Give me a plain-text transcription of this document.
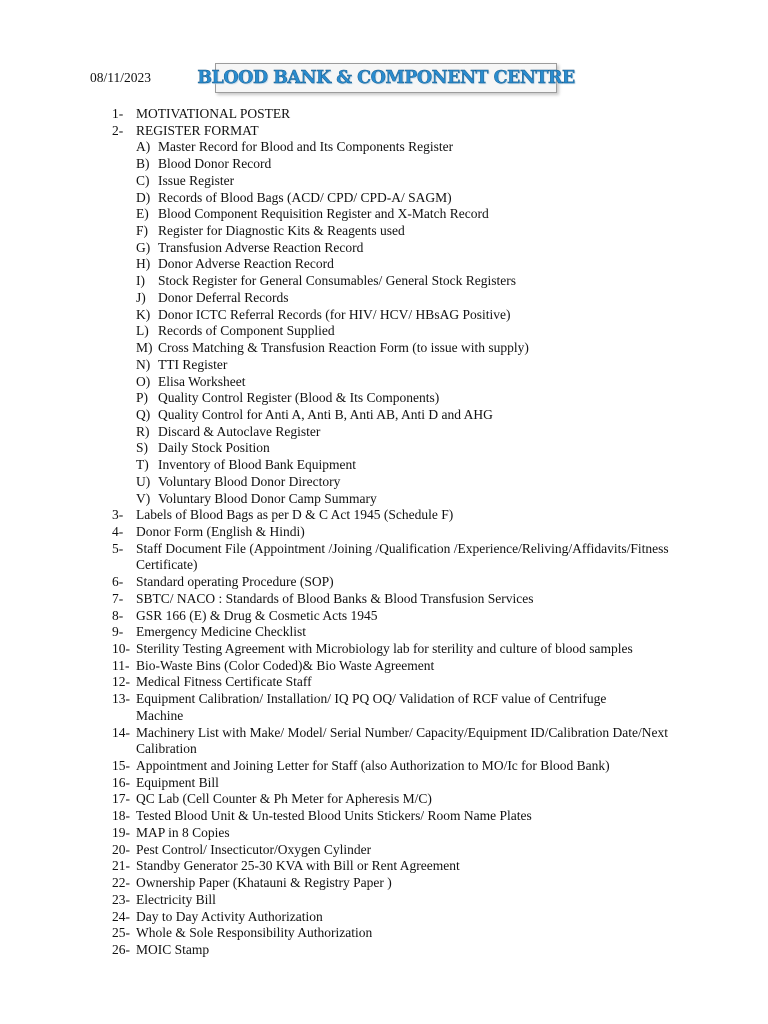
08/11/2023	BLOOD BANK & COMPONENT CENTRE
1- MOTIVATIONAL POSTER
2- REGISTER FORMAT
A) Master Record for Blood and Its Components Register
B) Blood Donor Record
C) Issue Register
D) Records of Blood Bags (ACD/ CPD/ CPD-A/ SAGM)
E) Blood Component Requisition Register and X-Match Record
F) Register for Diagnostic Kits & Reagents used
G) Transfusion Adverse Reaction Record
H) Donor Adverse Reaction Record
I) Stock Register for General Consumables/ General Stock Registers
J) Donor Deferral Records
K) Donor ICTC Referral Records (for HIV/ HCV/ HBsAG Positive)
L) Records of Component Supplied
M) Cross Matching & Transfusion Reaction Form (to issue with supply)
N) TTI Register
O) Elisa Worksheet
P) Quality Control Register (Blood & Its Components)
Q) Quality Control for Anti A, Anti B, Anti AB, Anti D and AHG
R) Discard & Autoclave Register
S) Daily Stock Position
T) Inventory of Blood Bank Equipment
U) Voluntary Blood Donor Directory
V) Voluntary Blood Donor Camp Summary
3- Labels of Blood Bags as per D & C Act 1945 (Schedule F)
4- Donor Form (English & Hindi)
5- Staff Document File (Appointment /Joining /Qualification /Experience/Reliving/Affidavits/Fitness
Certificate)
6- Standard operating Procedure (SOP)
7- SBTC/ NACO : Standards of Blood Banks & Blood Transfusion Services
8- GSR 166 (E) & Drug & Cosmetic Acts 1945
9- Emergency Medicine Checklist
10- Sterility Testing Agreement with Microbiology lab for sterility and culture of blood samples
11- Bio-Waste Bins (Color Coded)& Bio Waste Agreement
12- Medical Fitness Certificate Staff
13- Equipment Calibration/ Installation/ IQ PQ OQ/ Validation of RCF value of Centrifuge
Machine
14- Machinery List with Make/ Model/ Serial Number/ Capacity/Equipment ID/Calibration Date/Next
Calibration
15- Appointment and Joining Letter for Staff (also Authorization to MO/Ic for Blood Bank)
16- Equipment Bill
17- QC Lab (Cell Counter & Ph Meter for Apheresis M/C)
18- Tested Blood Unit & Un-tested Blood Units Stickers/ Room Name Plates
19- MAP in 8 Copies
20- Pest Control/ Insecticutor/Oxygen Cylinder
21- Standby Generator 25-30 KVA with Bill or Rent Agreement
22- Ownership Paper (Khatauni & Registry Paper )
23- Electricity Bill
24- Day to Day Activity Authorization
25- Whole & Sole Responsibility Authorization
26- MOIC Stamp
